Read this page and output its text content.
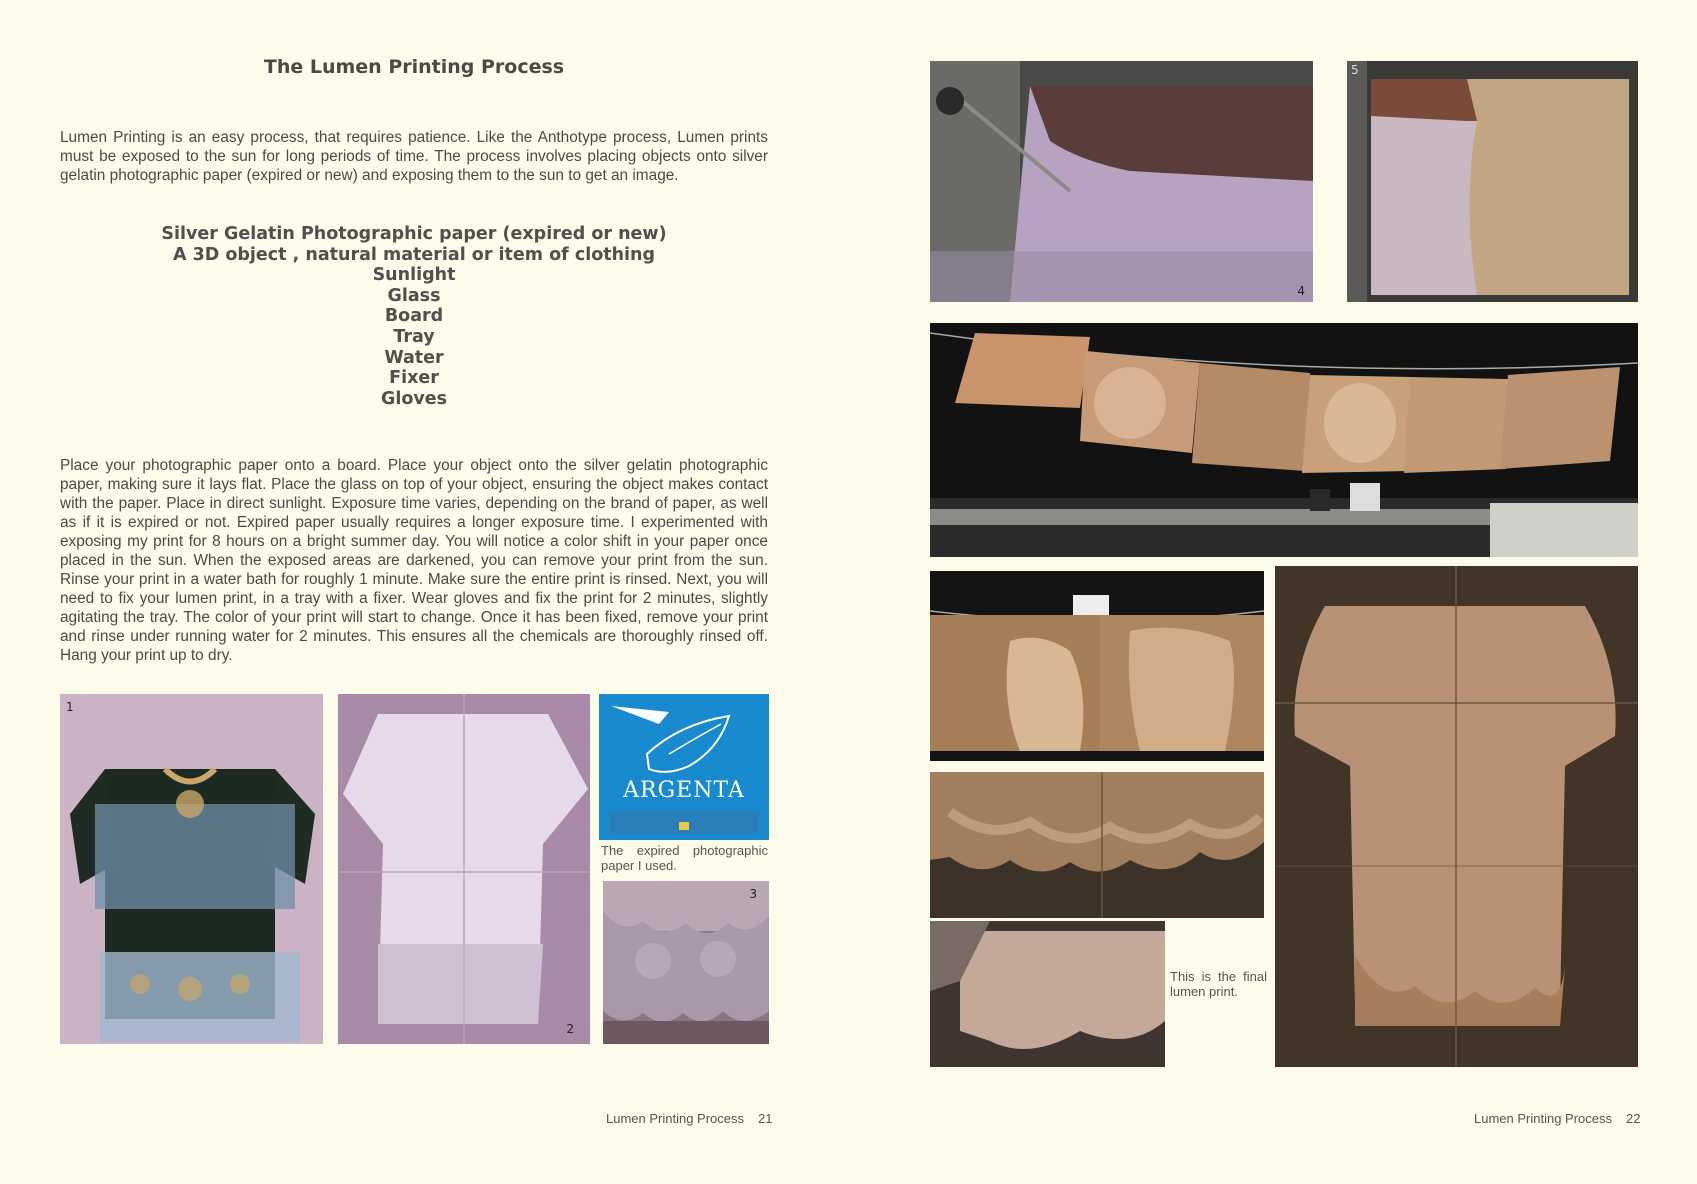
The Lumen Printing Process

Lumen Printing is an easy process, that requires patience. Like the Anthotype process, Lumen prints must be exposed to the sun for long periods of time. The process involves placing objects onto silver gelatin photographic paper (expired or new) and exposing them to the sun to get an image.

Silver Gelatin Photographic paper (expired or new)
A 3D object , natural material or item of clothing
Sunlight
Glass
Board
Tray
Water
Fixer
Gloves

Place your photographic paper onto a board. Place your object onto the silver gelatin photographic paper, making sure it lays flat. Place the glass on top of your object, ensuring the object makes contact with the paper. Place in direct sunlight. Exposure time varies, depending on the brand of paper, as well as if it is expired or not. Expired paper usually requires a longer exposure time. I experimented with exposing my print for 8 hours on a bright summer day. You will notice a color shift in your paper once placed in the sun. When the exposed areas are darkened, you can remove your print from the sun. Rinse your print in a water bath for roughly 1 minute. Make sure the entire print is rinsed. Next, you will need to fix your lumen print, in a tray with a fixer. Wear gloves and fix the print for 2 minutes, slightly agitating the tray. The color of your print will start to change. Once it has been fixed, remove your print and rinse under running water for 2 minutes. This ensures all the chemicals are thoroughly rinsed off. Hang your print up to dry.

1
2
ARGENTA

The expired photographic paper I used.

3
Lumen Printing Process 21
4
5
6

This is the final lumen print.

Lumen Printing Process 22
